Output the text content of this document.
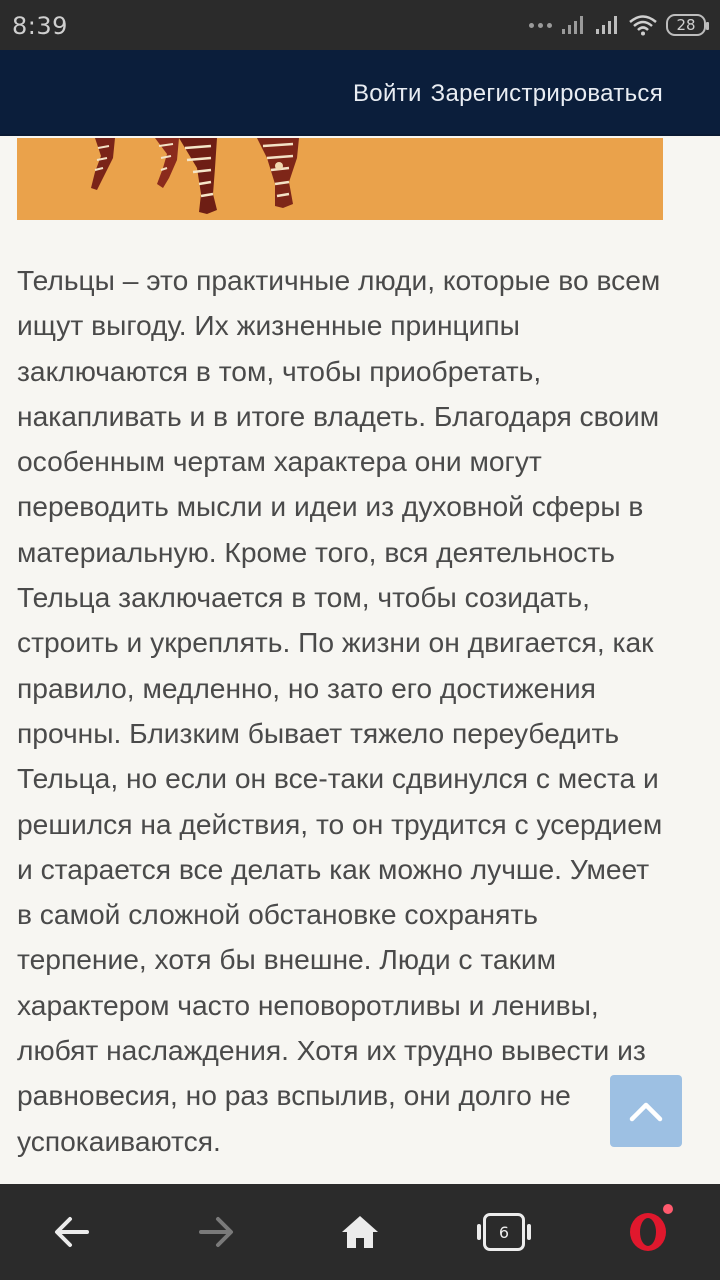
8:39	28
Войти Зарегистрироваться

Тельцы – это практичные люди, которые во всем ищут выгоду. Их жизненные принципы заключаются в том, чтобы приобретать, накапливать и в итоге владеть. Благодаря своим особенным чертам характера они могут переводить мысли и идеи из духовной сферы в материальную. Кроме того, вся деятельность Тельца заключается в том, чтобы созидать, строить и укреплять. По жизни он двигается, как правило, медленно, но зато его достижения прочны. Близким бывает тяжело переубедить Тельца, но если он все-таки сдвинулся с места и решился на действия, то он трудится с усердием и старается все делать как можно лучше. Умеет в самой сложной обстановке сохранять терпение, хотя бы внешне. Люди с таким характером часто неповоротливы и ленивы, любят наслаждения. Хотя их трудно вывести из равновесия, но раз вспылив, они долго не успокаиваются.

6
